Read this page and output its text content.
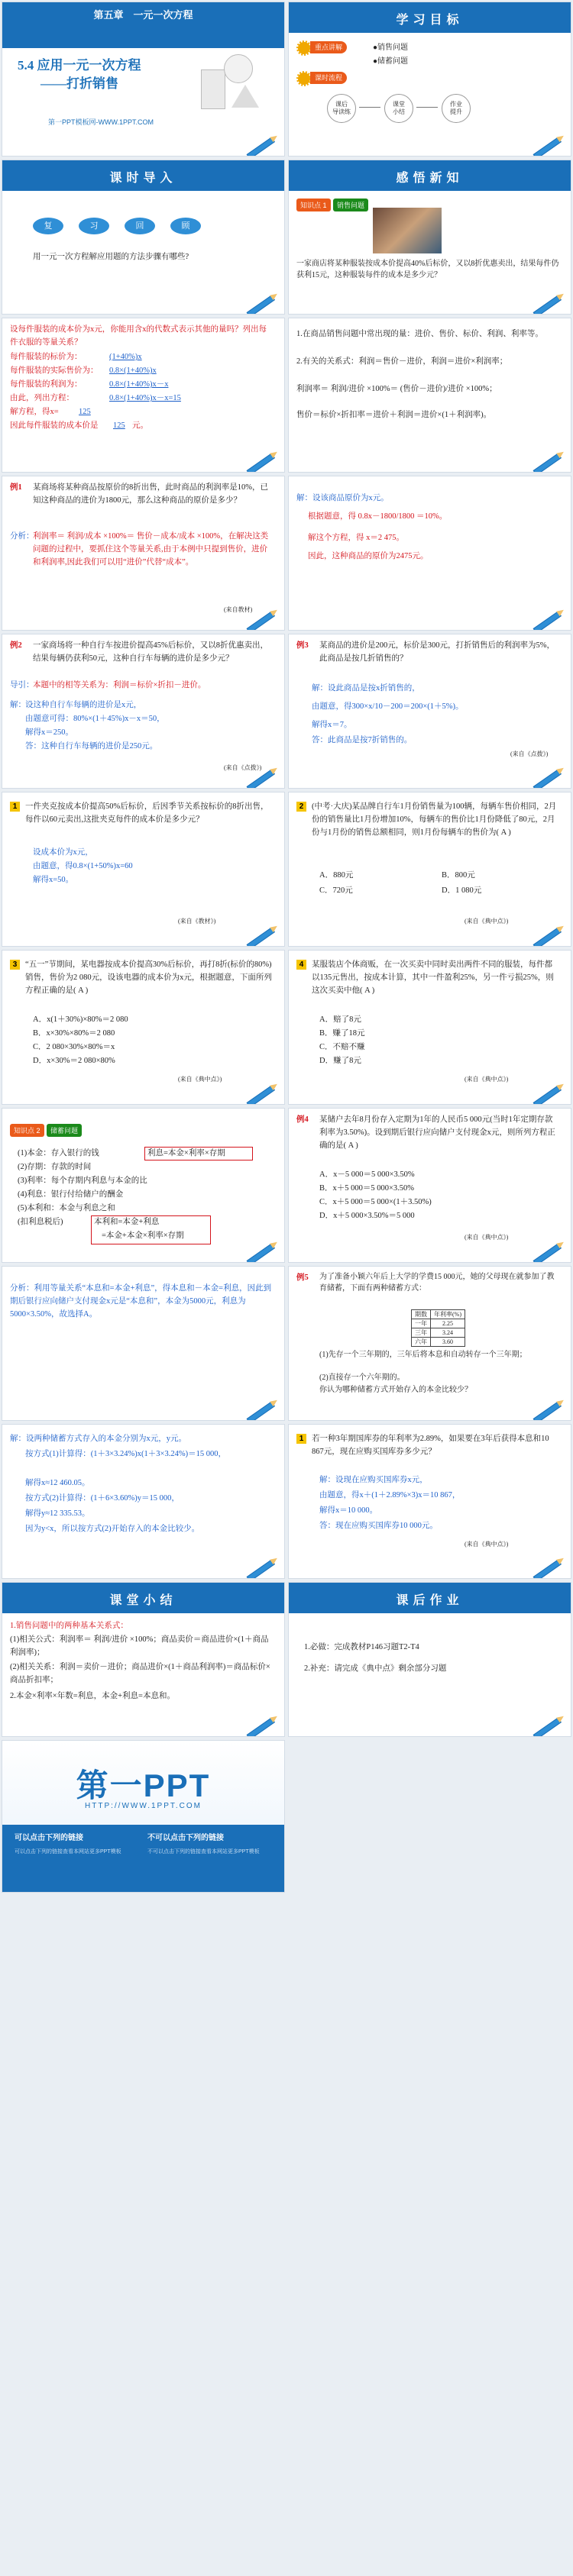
第五章　一元一次方程
5.4 应用一元一次方程
——打折销售
第一PPT模板网-WWW.1PPT.COM
学习目标
重点讲解	●销售问题
●储蓄问题
课时流程
课后
导读练
课堂
小结
作业
提升
课时导入
复	习	回	顾
用一元一次方程解应用题的方法步骤有哪些?
感悟新知
知识点 1	销售问题
一家商店将某种服装按成本价提高40%后标价，又以8折优惠卖出，结果每件仍获利15元，这种服装每件的成本是多少元？
设每件服装的成本价为x元，你能用含x的代数式表示其他的量吗？列出每件衣服的等量关系？
每件服装的标价为：	(1+40%)x
每件服装的实际售价为： 0.8×(1+40%)x
每件服装的利润为：	0.8×(1+40%)x－x
由此，列出方程：	0.8×(1+40%)x－x=15
解方程，得x=	125
因此每件服装的成本价是 125 元。
1.在商品销售问题中常出现的量：进价、售价、标价、利润、利率等。
2.有关的关系式：利润＝售价－进价，利润＝进价×利润率；
利润率＝ 利润/进价 ×100%＝ (售价－进价)/进价 ×100%；
售价＝标价×折扣率＝进价＋利润＝进价×(1＋利润率)。
例1 某商场将某种商品按原价的8折出售，此时商品的利润率是10%，已知这种商品的进价为1800元，那么这种商品的原价是多少？
分析：
利润率＝ 利润/成本 ×100%＝ 售价－成本/成本 ×100%，在解决这类问题的过程中，要抓住这个等量关系,由于本例中只提到售价，进价和利润率,因此我们可以用“进价”代替“成本”。
(来自教材)
解：设该商品原价为x元。
根据题意，得 0.8x－1800/1800 ＝10%。
解这个方程，得 x＝2 475。
因此，这种商品的原价为2475元。
例2 一家商场将一种自行车按进价提高45%后标价，又以8折优惠卖出，结果每辆仍获利50元，这种自行车每辆的进价是多少元？
导引：
本题中的相等关系为：利润＝标价×折扣－进价。
解： 设这种自行车每辆的进价是x元，
由题意可得：80%×(1＋45%)x－x＝50，
解得x＝250。
答：这种自行车每辆的进价是250元。
(来自《点拨》)
例3 某商品的进价是200元，标价是300元，打折销售后的利润率为5%，此商品是按几折销售的？
解：设此商品是按x折销售的，
由题意，得300×x/10－200＝200×(1＋5%)。
解得x＝7。
答：此商品是按7折销售的。
(来自《点拨》)
1	一件夹克按成本价提高50%后标价，后因季节关系按标价的8折出售，每件以60元卖出,这批夹克每件的成本价是多少元？
设成本价为x元，
由题意，得0.8×(1+50%)x=60
解得x=50。
(来自《教材》)
2	(中考·大庆)某品牌自行车1月份销售量为100辆，每辆车售价相同，2月份的销售量比1月份增加10%，每辆车的售价比1月份降低了80元，2月份与1月份的销售总额相同，则1月份每辆车的售价为( A )
A．880元	B．800元
C．720元	D．1 080元
(来自《典中点》)
3	“五一”节期间，某电器按成本价提高30%后标价，再打8折(标价的80%)销售，售价为2 080元，设该电器的成本价为x元，根据题意，下面所列方程正确的是( A )
A．x(1＋30%)×80%＝2 080
B．x×30%×80%＝2 080
C．2 080×30%×80%＝x
D．x×30%＝2 080×80%
(来自《典中点》)
4	某服装店个体商贩，在一次买卖中同时卖出两件不同的服装，每件都以135元售出，按成本计算，其中一件盈利25%，另一件亏损25%，则这次买卖中他( A )
A．赔了8元
B．赚了18元
C．不赔不赚
D．赚了8元
(来自《典中点》)
知识点 2	储蓄问题
(1)本金：存入银行的钱	利息=本金×利率×存期
(2)存期：存款的时间
(3)利率：每个存期内利息与本金的比
(4)利息：银行付给储户的酬金
(5)本利和：本金与利息之和
(扣利息税后)	本利和=本金+利息
=本金+本金×利率×存期
例4 某储户去年8月份存入定期为1年的人民币5 000元(当时1年定期存款利率为3.50%)。设到期后银行应向储户支付现金x元，则所列方程正确的是( A )
A．x－5 000＝5 000×3.50%
B．x＋5 000＝5 000×3.50%
C．x＋5 000＝5 000×(1＋3.50%)
D．x＋5 000×3.50%＝5 000
(来自《典中点》)
分析：利用等量关系“本息和=本金+利息”，得本息和－本金=利息，因此到期后银行应向储户支付现金x元是“本息和”，本金为5000元，利息为5000×3.50%，故选择A。
例5 为了准备小颖六年后上大学的学费15 000元，她的父母现在就参加了教育储蓄，下面有两种储蓄方式：
期数	年利率(%)
一年	2.25
三年	3.24
六年	3.60
(1)先存一个三年期的，三年后将本息和自动转存一个三年期；
(2)直接存一个六年期的。
你认为哪种储蓄方式开始存入的本金比较少？
解：设两种储蓄方式存入的本金分别为x元，y元。
按方式(1)计算得：(1＋3×3.24%)x(1＋3×3.24%)＝15 000，
解得x≈12 460.05。
按方式(2)计算得：(1＋6×3.60%)y＝15 000，
解得y≈12 335.53。
因为y<x，所以按方式(2)开始存入的本金比较少。
1	若一种3年期国库券的年利率为2.89%，如果要在3年后获得本息和10 867元，现在应购买国库券多少元？
解：设现在应购买国库券x元，
由题意，得x＋(1＋2.89%×3)x＝10 867，
解得x＝10 000。
答：现在应购买国库券10 000元。
(来自《典中点》)
课堂小结
1.销售问题中的两种基本关系式：
(1)相关公式：利润率＝ 利润/进价 ×100%；商品卖价＝商品进价×(1＋商品利润率)；
(2)相关关系：利润＝卖价－进价；商品进价×(1＋商品利润率)＝商品标价×商品折扣率；
2.本金×利率×年数=利息，本金+利息=本息和。
课后作业
1.必做：完成教材P146习题T2-T4
2.补充：请完成《典中点》剩余部分习题
第一PPT
HTTP://WWW.1PPT.COM
可以点击下列的链接	不可以点击下列的链接
可以点击下列的链接查看本网站更多PPT模板	不可以点击下列的链接查看本网站更多PPT模板
